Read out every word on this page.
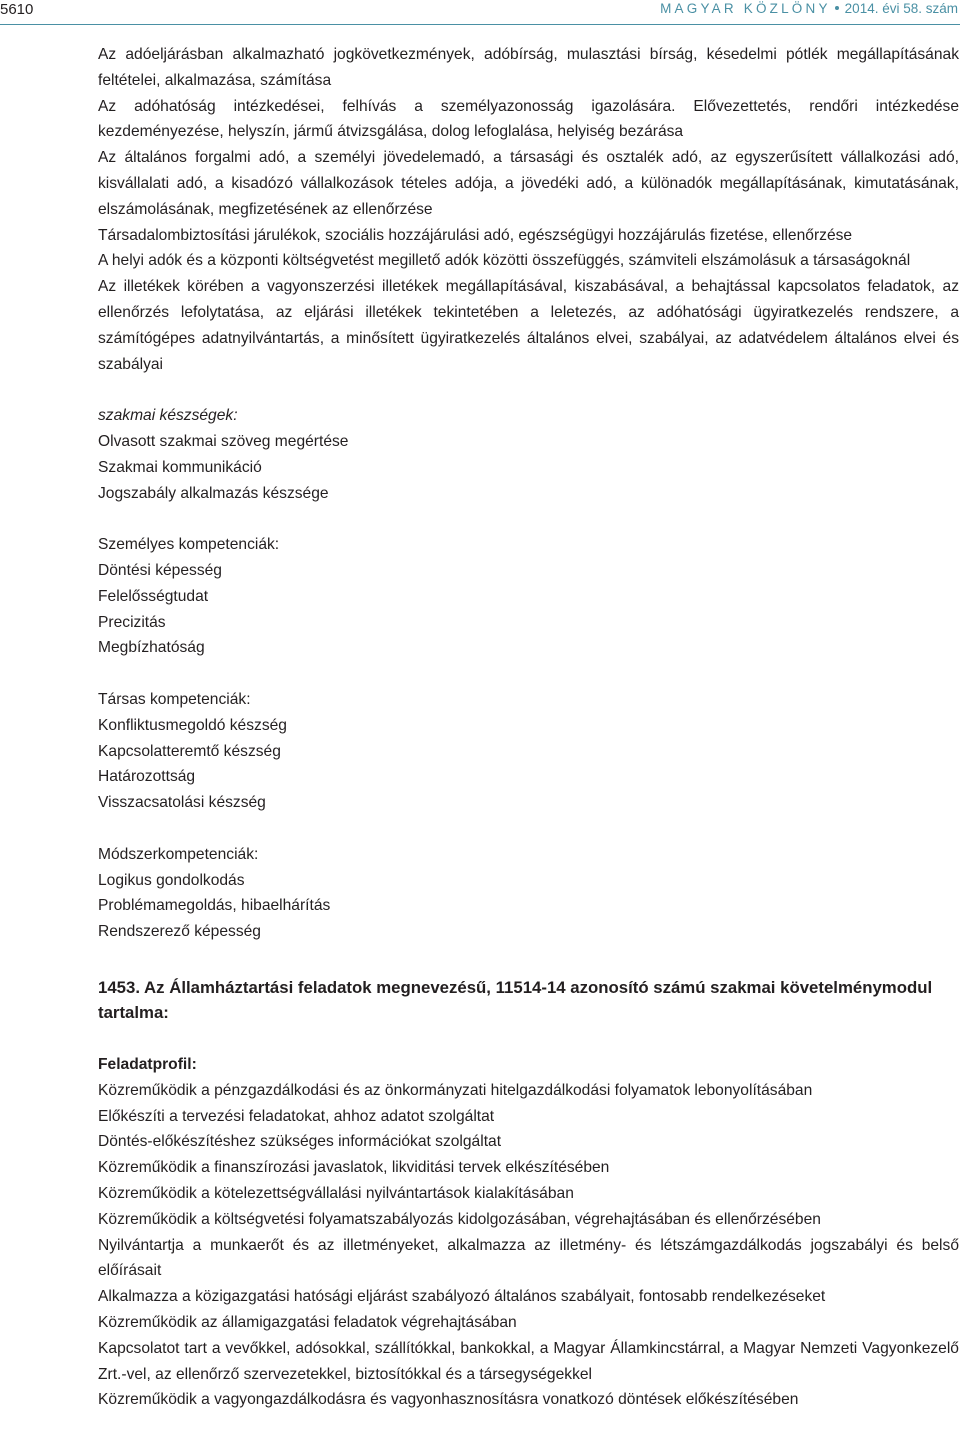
5610	MAGYAR KÖZLÖNY 2014. évi 58. szám

Az adóeljárásban alkalmazható jogkövetkezmények, adóbírság, mulasztási bírság, késedelmi pótlék megállapításának feltételei, alkalmazása, számítása

Az adóhatóság intézkedései, felhívás a személyazonosság igazolására. Elővezettetés, rendőri intézkedése kezdeményezése, helyszín, jármű átvizsgálása, dolog lefoglalása, helyiség bezárása

Az általános forgalmi adó, a személyi jövedelemadó, a társasági és osztalék adó, az egyszerűsített vállalkozási adó, kisvállalati adó, a kisadózó vállalkozások tételes adója, a jövedéki adó, a különadók megállapításának, kimutatásának, elszámolásának, megfizetésének az ellenőrzése

Társadalombiztosítási járulékok, szociális hozzájárulási adó, egészségügyi hozzájárulás fizetése, ellenőrzése

A helyi adók és a központi költségvetést megillető adók közötti összefüggés, számviteli elszámolásuk a társaságoknál

Az illetékek körében a vagyonszerzési illetékek megállapításával, kiszabásával, a behajtással kapcsolatos feladatok, az ellenőrzés lefolytatása, az eljárási illetékek tekintetében a leletezés, az adóhatósági ügyiratkezelés rendszere, a számítógépes adatnyilvántartás, a minősített ügyiratkezelés általános elvei, szabályai, az adatvédelem általános elvei és szabályai

szakmai készségek:

Olvasott szakmai szöveg megértése

Szakmai kommunikáció

Jogszabály alkalmazás készsége

Személyes kompetenciák:

Döntési képesség

Felelősségtudat

Precizitás

Megbízhatóság

Társas kompetenciák:

Konfliktusmegoldó készség

Kapcsolatteremtő készség

Határozottság

Visszacsatolási készség

Módszerkompetenciák:

Logikus gondolkodás

Problémamegoldás, hibaelhárítás

Rendszerező képesség

1453. Az Államháztartási feladatok megnevezésű, 11514-14 azonosító számú szakmai követelménymodul tartalma:

Feladatprofil:

Közreműködik a pénzgazdálkodási és az önkormányzati hitelgazdálkodási folyamatok lebonyolításában

Előkészíti a tervezési feladatokat, ahhoz adatot szolgáltat

Döntés-előkészítéshez szükséges információkat szolgáltat

Közreműködik a finanszírozási javaslatok, likviditási tervek elkészítésében

Közreműködik a kötelezettségvállalási nyilvántartások kialakításában

Közreműködik a költségvetési folyamatszabályozás kidolgozásában, végrehajtásában és ellenőrzésében

Nyilvántartja a munkaerőt és az illetményeket, alkalmazza az illetmény- és létszámgazdálkodás jogszabályi és belső előírásait

Alkalmazza a közigazgatási hatósági eljárást szabályozó általános szabályait, fontosabb rendelkezéseket

Közreműködik az államigazgatási feladatok végrehajtásában

Kapcsolatot tart a vevőkkel, adósokkal, szállítókkal, bankokkal, a Magyar Államkincstárral, a Magyar Nemzeti Vagyonkezelő Zrt.-vel, az ellenőrző szervezetekkel, biztosítókkal és a társegységekkel

Közreműködik a vagyongazdálkodásra és vagyonhasznosításra vonatkozó döntések előkészítésében
